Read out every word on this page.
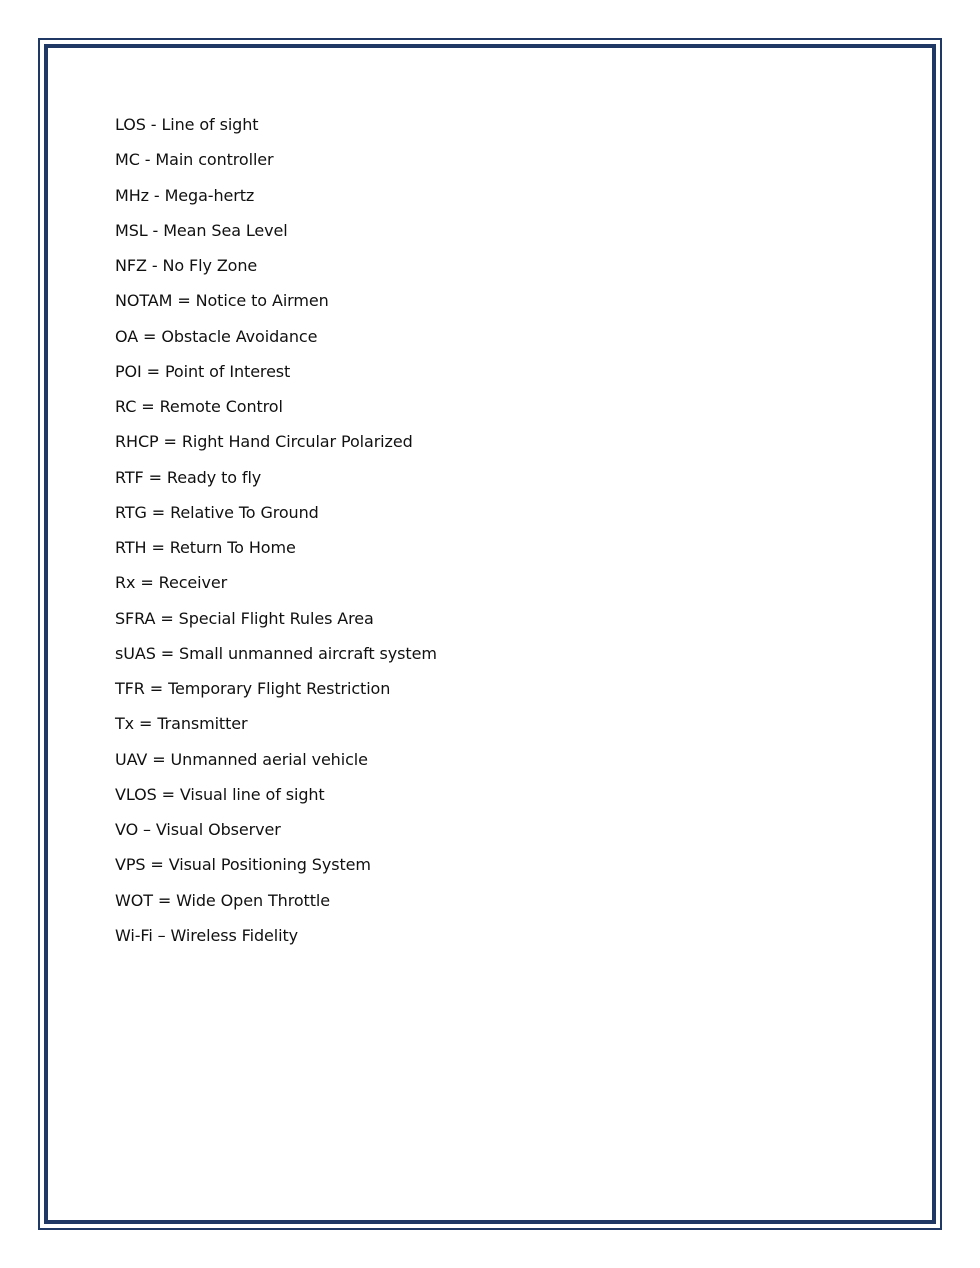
LOS - Line of sight
MC - Main controller
MHz - Mega-hertz
MSL - Mean Sea Level
NFZ - No Fly Zone
NOTAM = Notice to Airmen
OA = Obstacle Avoidance
POI = Point of Interest
RC = Remote Control
RHCP = Right Hand Circular Polarized
RTF = Ready to fly
RTG = Relative To Ground
RTH = Return To Home
Rx = Receiver
SFRA = Special Flight Rules Area
sUAS = Small unmanned aircraft system
TFR = Temporary Flight Restriction
Tx = Transmitter
UAV = Unmanned aerial vehicle
VLOS = Visual line of sight
VO – Visual Observer
VPS = Visual Positioning System
WOT = Wide Open Throttle
Wi-Fi – Wireless Fidelity
